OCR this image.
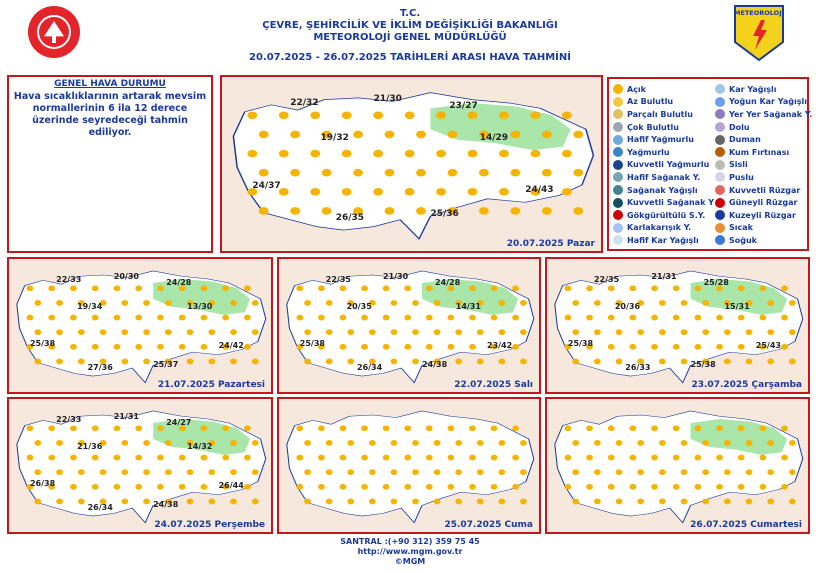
METEOROLOJİ
T.C.
ÇEVRE, ŞEHİRCİLİK VE İKLİM DEĞİŞİKLİĞİ BAKANLIĞI
METEOROLOJİ GENEL MÜDÜRLÜĞÜ
20.07.2025 - 26.07.2025 TARİHLERİ ARASI HAVA TAHMİNİ
GENEL HAVA DURUMU
Hava sıcaklıklarının artarak mevsim normallerinin 6 ila 12 derece üzerinde seyredeceği tahmin ediliyor.
22/32	21/30
23/27
19/32	14/29
24/37	24/43
26/35	25/36
20.07.2025 Pazar
22/33	20/30
24/28
19/34	13/30
25/38	24/42
27/36	25/37
21.07.2025 Pazartesi
22/35	21/30
24/28
20/35	14/31
25/38	23/42
26/34	24/38
22.07.2025 Salı
22/35	21/31
25/28
20/36	15/31
25/38	25/43
26/33	25/38
23.07.2025 Çarşamba
22/33	21/31
24/27
21/36	14/32
26/38	26/44
26/34	24/38
24.07.2025 Perşembe	25.07.2025 Cuma	26.07.2025 Cumartesi
Açık
Az Bulutlu
Parçalı Bulutlu
Çok Bulutlu
Hafif Yağmurlu
Yağmurlu
Kuvvetli Yağmurlu
Hafif Sağanak Y.
Sağanak Yağışlı
Kuvvetli Sağanak Y
Gökgürültülü S.Y.
Karlakarışık Y.
Hafif Kar Yağışlı
Kar Yağışlı
Yoğun Kar Yağışlı
Yer Yer Sağanak Y.
Dolu
Duman
Kum Fırtınası
Sisli
Puslu
Kuvvetli Rüzgar
Güneyli Rüzgar
Kuzeyli Rüzgar
Sıcak
Soğuk
SANTRAL :(+90 312) 359 75 45
http://www.mgm.gov.tr
©MGM
